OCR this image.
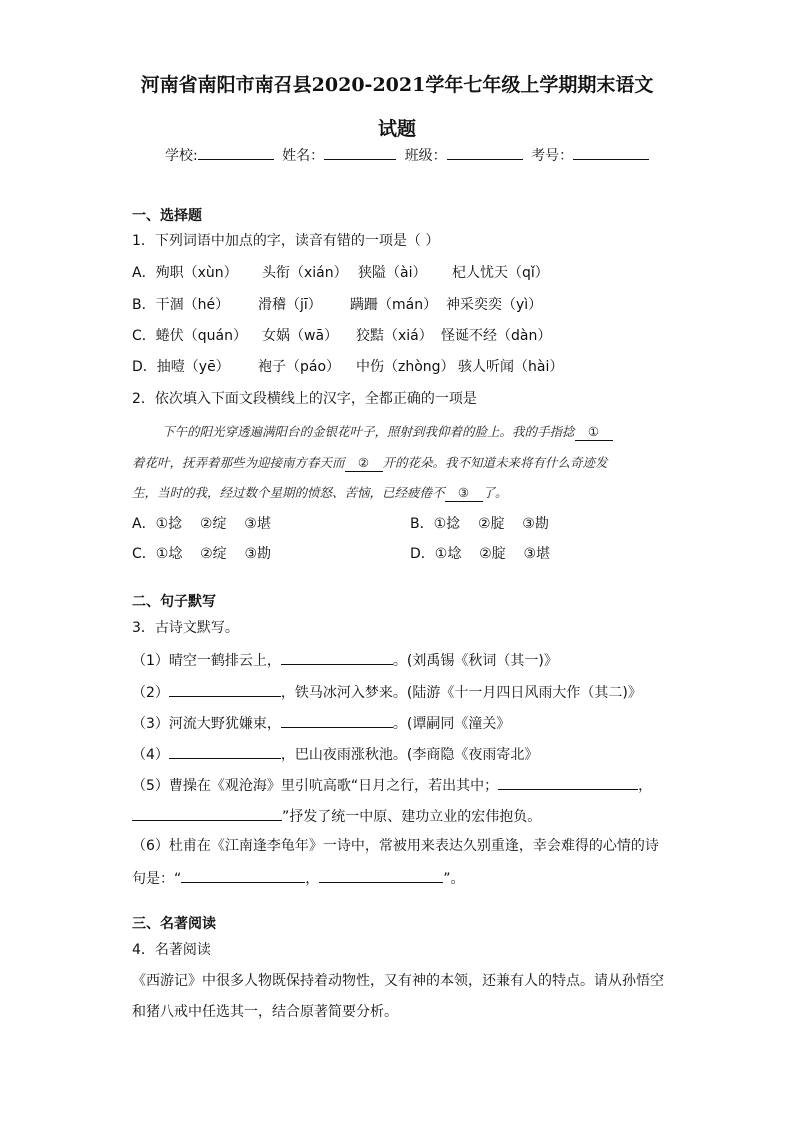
河南省南阳市南召县2020-2021学年七年级上学期期末语文
试题
学校:	姓名：	班级：	考号：
一、选择题
1．下列词语中加点的字，读音有错的一项是（ ）
A．殉职（xùn） 头衔（xián） 狭隘（ài） 杞人忧天（qǐ）
B．干涸（hé） 滑稽（jī） 蹒跚（mán） 神采奕奕（yì）
C．蜷伏（quán） 女娲（wā） 狡黠（xiá） 怪诞不经（dàn）
D．抽噎（yē） 袍子（páo） 中伤（zhòng） 骇人听闻（hài）
2．依次填入下面文段横线上的汉字，全都正确的一项是
下午的阳光穿透遍满阳台的金银花叶子，照射到我仰着的脸上。我的手指捻 ①
着花叶，抚弄着那些为迎接南方春天而 ② 开的花朵。我不知道未来将有什么奇迹发
生，当时的我，经过数个星期的愤怒、苦恼，已经疲倦不 ③ 了。
A．①捻    ②绽    ③堪	B．①捻    ②腚    ③勘
C．①埝    ②绽    ③勘	D．①埝    ②腚    ③堪
二、句子默写
3．古诗文默写。
（1）晴空一鹤排云上，	。(刘禹锡《秋词（其一)》
（2）	，铁马冰河入梦来。(陆游《十一月四日风雨大作（其二)》
（3）河流大野犹嫌束，	。(谭嗣同《潼关》
（4）	，巴山夜雨涨秋池。(李商隐《夜雨寄北》
（5）曹操在《观沧海》里引吭高歌“日月之行，若出其中；	，
”抒发了统一中原、建功立业的宏伟抱负。
（6）杜甫在《江南逢李龟年》一诗中，常被用来表达久别重逢，幸会难得的心情的诗
句是：“	，	”。
三、名著阅读
4．名著阅读
《西游记》中很多人物既保持着动物性，又有神的本领，还兼有人的特点。请从孙悟空
和猪八戒中任选其一，结合原著简要分析。
